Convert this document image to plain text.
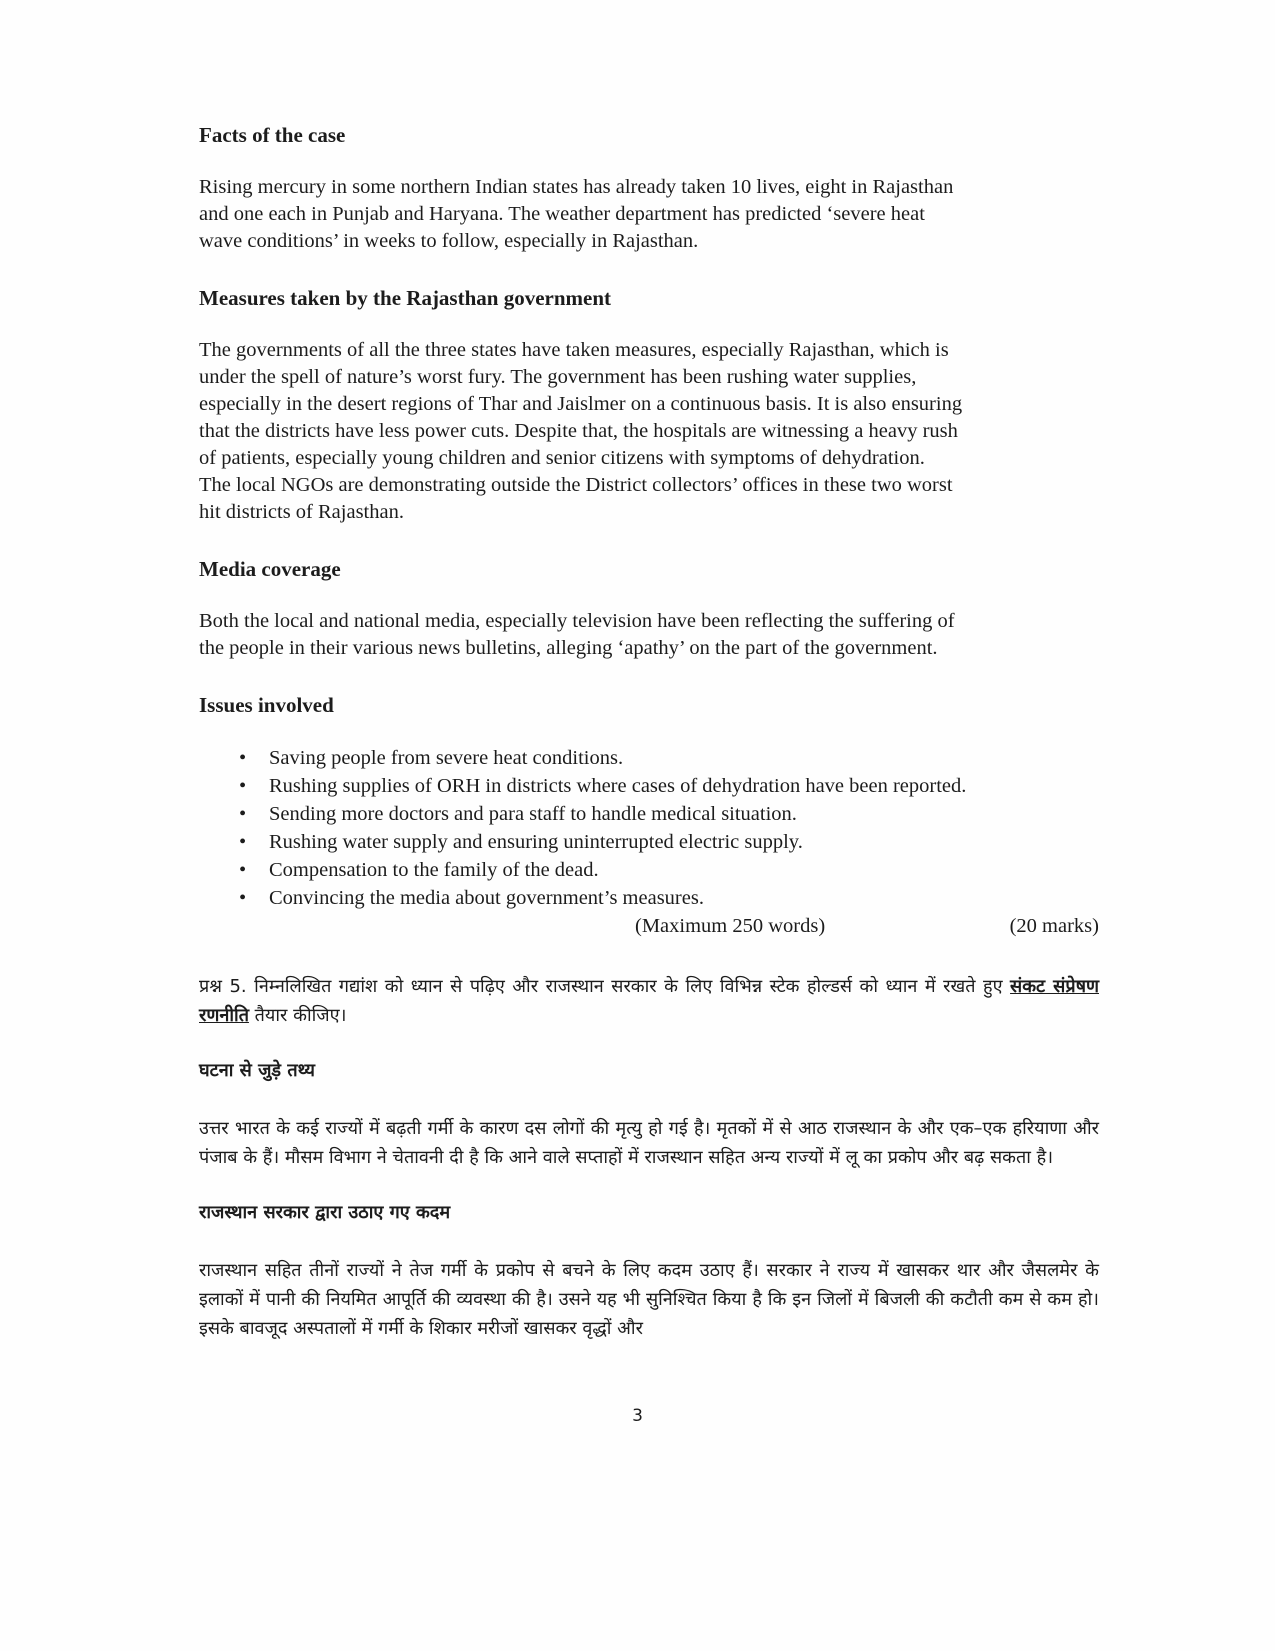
Facts of the case
Rising mercury in some northern Indian states has already taken 10 lives, eight in Rajasthan
and one each in Punjab and Haryana. The weather department has predicted ‘severe heat
wave conditions’ in weeks to follow, especially in Rajasthan.
Measures taken by the Rajasthan government
The governments of all the three states have taken measures, especially Rajasthan, which is
under the spell of nature’s worst fury. The government has been rushing water supplies,
especially in the desert regions of Thar and Jaislmer on a continuous basis. It is also ensuring
that the districts have less power cuts. Despite that, the hospitals are witnessing a heavy rush
of patients, especially young children and senior citizens with symptoms of dehydration.
The local NGOs are demonstrating outside the District collectors’ offices in these two worst
hit districts of Rajasthan.
Media coverage
Both the local and national media, especially television have been reflecting the suffering of
the people in their various news bulletins, alleging ‘apathy’ on the part of the government.
Issues involved
• Saving people from severe heat conditions.
• Rushing supplies of ORH in districts where cases of dehydration have been reported.
• Sending more doctors and para staff to handle medical situation.
• Rushing water supply and ensuring uninterrupted electric supply.
• Compensation to the family of the dead.
• Convincing the media about government’s measures.
(Maximum 250 words)	(20 marks)
प्रश्न 5. निम्नलिखित गद्यांश को ध्यान से पढ़िए और राजस्थान सरकार के लिए विभिन्न स्टेक होल्डर्स को ध्यान में रखते हुए संकट संप्रेषण रणनीति तैयार कीजिए।
घटना से जुड़े तथ्य
उत्तर भारत के कई राज्यों में बढ़ती गर्मी के कारण दस लोगों की मृत्यु हो गई है। मृतकों में से आठ राजस्थान के और एक–एक हरियाणा और पंजाब के हैं। मौसम विभाग ने चेतावनी दी है कि आने वाले सप्ताहों में राजस्थान सहित अन्य राज्यों में लू का प्रकोप और बढ़ सकता है।
राजस्थान सरकार द्वारा उठाए गए कदम
राजस्थान सहित तीनों राज्यों ने तेज गर्मी के प्रकोप से बचने के लिए कदम उठाए हैं। सरकार ने राज्य में खासकर थार और जैसलमेर के इलाकों में पानी की नियमित आपूर्ति की व्यवस्था की है। उसने यह भी सुनिश्चित किया है कि इन जिलों में बिजली की कटौती कम से कम हो। इसके बावजूद अस्पतालों में गर्मी के शिकार मरीजों खासकर वृद्धों और
3
